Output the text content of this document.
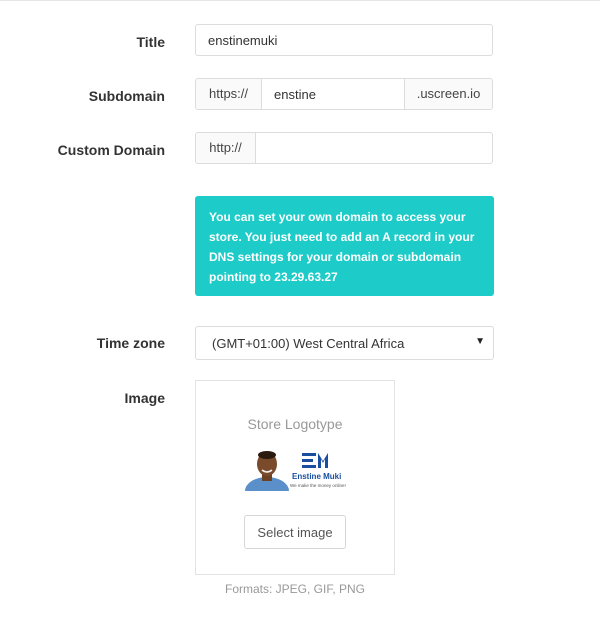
Title	enstinemuki
Subdomain	https://	enstine	.uscreen.io
Custom Domain	http://
You can set your own domain to access your store. You just need to add an A record in your DNS settings for your domain or subdomain pointing to 23.29.63.27
Time zone	(GMT+01:00) West Central Africa	▼
Image
Store Logotype
Enstine Muki
We make the money online!
Select image
Formats: JPEG, GIF, PNG
